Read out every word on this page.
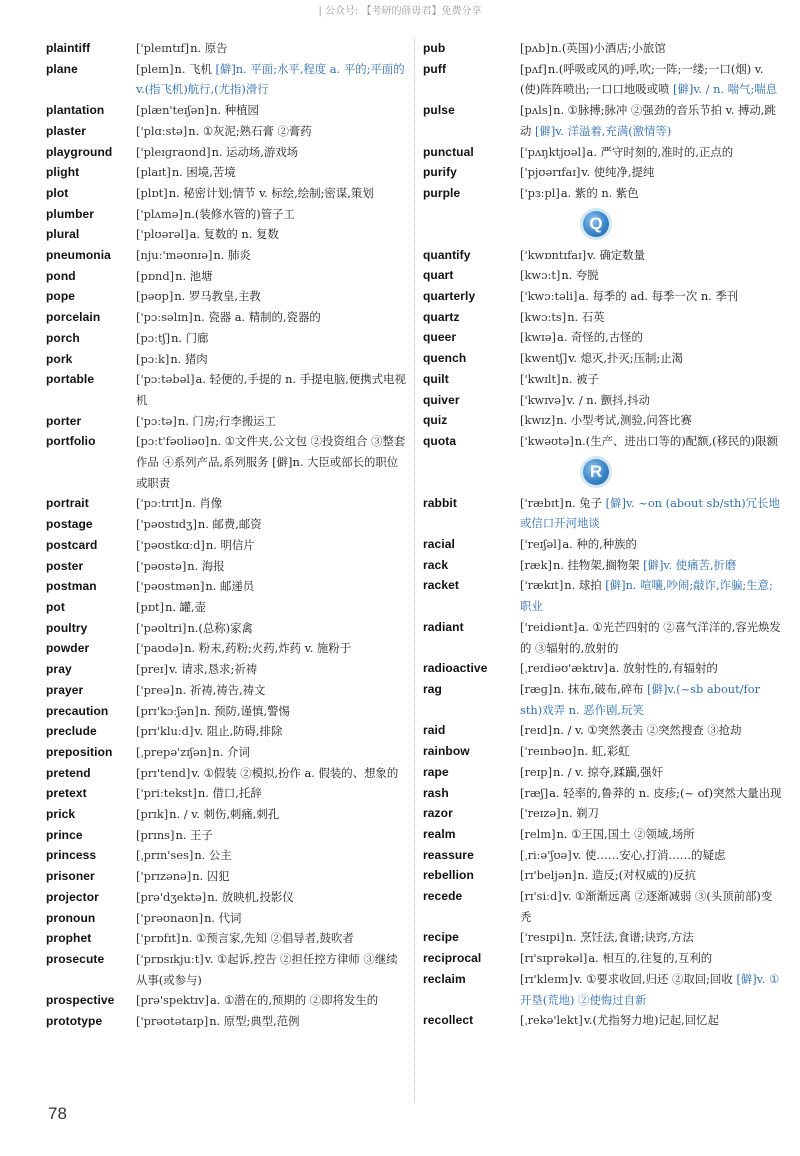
| 公众号: 【考研的薛毋君】免费分享
plaintiff	['pleɪntɪf]n. 原告
plane	[pleɪn]n. 飞机 [僻]n. 平面;水平,程度 a. 平的;平面的 v.(指飞机)航行,(尤指)滑行
plantation	[plæn'teɪʃən]n. 种植园
plaster	['plɑːstə]n. ①灰泥;熟石膏 ②膏药
playground	['pleɪɡraʊnd]n. 运动场,游戏场
plight	[plaɪt]n. 困境,苦境
plot	[plɒt]n. 秘密计划;情节 v. 标绘,绘制;密谋,策划
plumber	['plʌmə]n.(装修水管的)管子工
plural	['plʊərəl]a. 复数的 n. 复数
pneumonia	[njuː'məʊnɪə]n. 肺炎
pond	[pɒnd]n. 池塘
pope	[pəʊp]n. 罗马教皇,主教
porcelain	['pɔːsəlɪn]n. 瓷器 a. 精制的,瓷器的
porch	[pɔːtʃ]n. 门廊
pork	[pɔːk]n. 猪肉
portable	['pɔːtəbəl]a. 轻便的,手提的 n. 手提电脑,便携式电视机
porter	['pɔːtə]n. 门房;行李搬运工
portfolio	[pɔːt'fəʊliəʊ]n. ①文件夹,公文包 ②投资组合 ③整套作品 ④系列产品,系列服务 [僻]n. 大臣或部长的职位或职责
portrait	['pɔːtrɪt]n. 肖像
postage	['pəʊstɪdʒ]n. 邮费,邮资
postcard	['pəʊstkɑːd]n. 明信片
poster	['pəʊstə]n. 海报
postman	['pəʊstmən]n. 邮递员
pot	[pɒt]n. 罐,壶
poultry	['pəʊltri]n.(总称)家禽
powder	['paʊdə]n. 粉末,药粉;火药,炸药 v. 施粉于
pray	[preɪ]v. 请求,恳求;祈祷
prayer	['preə]n. 祈祷,祷告,祷文
precaution	[prɪ'kɔːʃən]n. 预防,谨慎,警惕
preclude	[prɪ'kluːd]v. 阻止,防碍,排除
preposition	[ˌprepə'zɪʃən]n. 介词
pretend	[prɪ'tend]v. ①假装 ②模拟,扮作 a. 假装的、想象的
pretext	['priːtekst]n. 借口,托辞
prick	[prɪk]n. / v. 刺伤,刺痛,刺孔
prince	[prɪns]n. 王子
princess	[ˌprɪn'ses]n. 公主
prisoner	['prɪzənə]n. 囚犯
projector	[prə'dʒektə]n. 放映机,投影仪
pronoun	['prəʊnaʊn]n. 代词
prophet	['prɒfɪt]n. ①预言家,先知 ②倡导者,鼓吹者
prosecute	['prɒsɪkjuːt]v. ①起诉,控告 ②担任控方律师 ③继续从事(或参与)
prospective	[prə'spektɪv]a. ①潜在的,预期的 ②即将发生的
prototype	['prəʊtətaɪp]n. 原型;典型,范例
pub	[pʌb]n.(英国)小酒店;小旅馆
puff	[pʌf]n.(呼吸或风的)呼,吹;一阵;一缕;一口(烟) v.(使)阵阵喷出;一口口地吸或喷 [僻]v. / n. 喘气;喘息
pulse	[pʌls]n. ①脉搏;脉冲 ②强劲的音乐节拍 v. 搏动,跳动 [僻]v. 洋溢着,充满(激情等)
punctual	['pʌŋktjʊəl]a. 严守时刻的,准时的,正点的
purify	['pjʊərɪfaɪ]v. 使纯净,提纯
purple	['pɜːpl]a. 紫的 n. 紫色
Q
quantify	['kwɒntɪfaɪ]v. 确定数量
quart	[kwɔːt]n. 夸脱
quarterly	['kwɔːtəli]a. 每季的 ad. 每季一次 n. 季刊
quartz	[kwɔːts]n. 石英
queer	[kwɪə]a. 奇怪的,古怪的
quench	[kwentʃ]v. 熄灭,扑灭;压制;止渴
quilt	['kwɪlt]n. 被子
quiver	['kwɪvə]v. / n. 颤抖,抖动
quiz	[kwɪz]n. 小型考试,测验,问答比赛
quota	['kwəʊtə]n.(生产、进出口等的)配额,(移民的)限额
R
rabbit	['ræbɪt]n. 兔子 [僻]v. ~on (about sb/sth)冗长地或信口开河地谈
racial	['reɪʃəl]a. 种的,种族的
rack	[ræk]n. 挂物架,搁物架 [僻]v. 使痛苦,折磨
racket	['rækɪt]n. 球拍 [僻]n. 喧嚷,吵闹;敲诈,诈骗;生意;职业
radiant	['reidiənt]a. ①光芒四射的 ②喜气洋洋的,容光焕发的 ③辐射的,放射的
radioactive	[ˌreɪdiəʊ'æktɪv]a. 放射性的,有辐射的
rag	[ræɡ]n. 抹布,破布,碎布 [僻]v.(~sb about/for sth)戏弄 n. 恶作剧,玩笑
raid	[reɪd]n. / v. ①突然袭击 ②突然搜查 ③抢劫
rainbow	['reɪnbəʊ]n. 虹,彩虹
rape	[reɪp]n. / v. 掠夺,蹂躏,强奸
rash	[ræʃ]a. 轻率的,鲁莽的 n. 皮疹;(~ of)突然大量出现
razor	['reɪzə]n. 剃刀
realm	[relm]n. ①王国,国土 ②领域,场所
reassure	[ˌriːə'ʃʊə]v. 使……安心,打消……的疑虑
rebellion	[rɪ'beljən]n. 造反;(对权威的)反抗
recede	[rɪ'siːd]v. ①渐渐远离 ②逐渐减弱 ③(头顶前部)变秃
recipe	['resɪpi]n. 烹饪法,食谱;诀窍,方法
reciprocal	[rɪ'sɪprəkəl]a. 相互的,往复的,互利的
reclaim	[rɪ'kleɪm]v. ①要求收回,归还 ②取回;回收 [僻]v. ①开垦(荒地) ②使悔过自新
recollect	[ˌrekə'lekt]v.(尤指努力地)记起,回忆起
78
